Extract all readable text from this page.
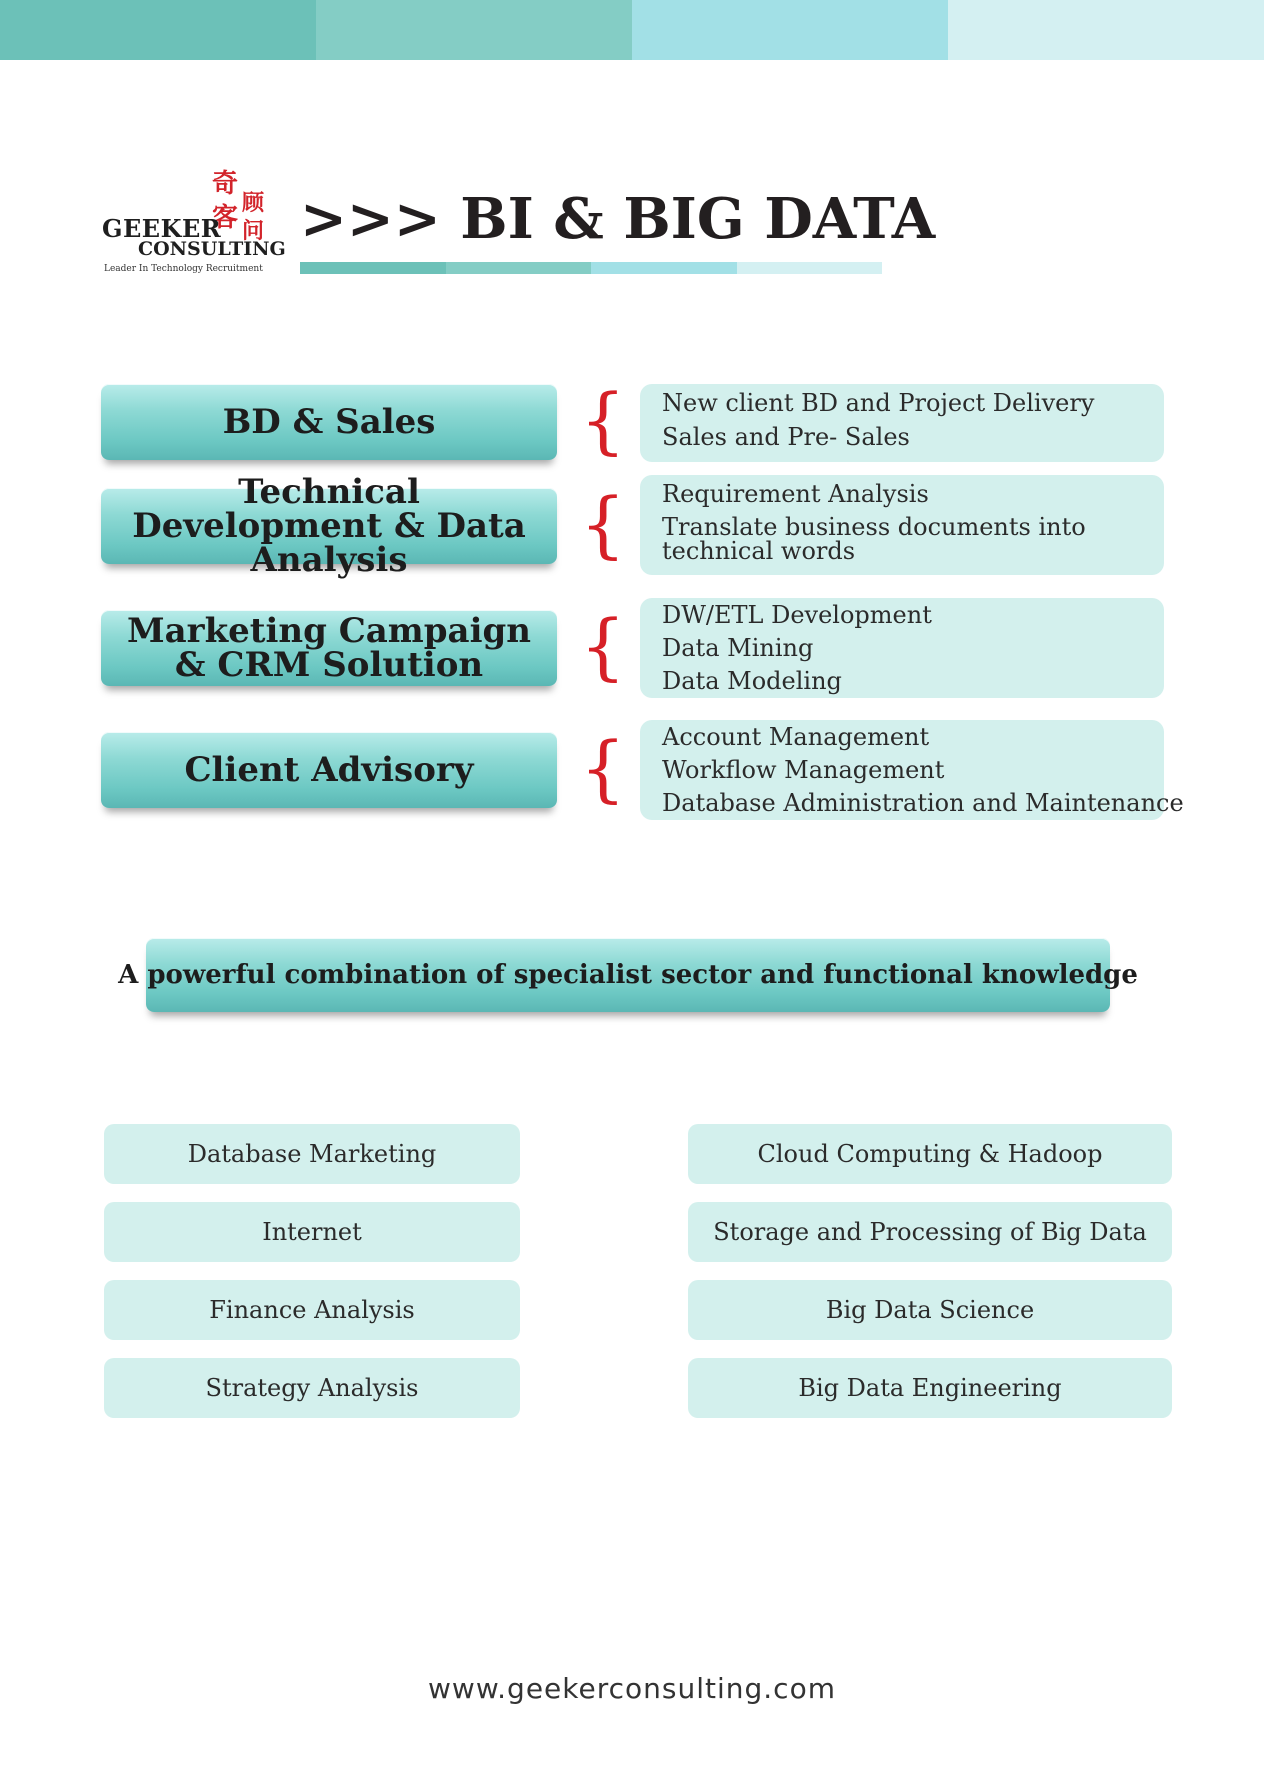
奇
顾
客 问
GEEKER
CONSULTING
Leader In Technology Recruitment
>>> BI & BIG DATA
BD & Sales	{ New client BD and Project Delivery
Sales and Pre- Sales
Technical Development & Data Analysis	{ Requirement Analysis
Translate business documents into technical words
Marketing Campaign & CRM Solution	{ DW/ETL Development
Data Mining
Data Modeling
Client Advisory	{ Account Management
Workflow Management
Database Administration and Maintenance
A powerful combination of specialist sector and functional knowledge
Database Marketing
Internet
Finance Analysis
Strategy Analysis
Cloud Computing & Hadoop
Storage and Processing of Big Data
Big Data Science
Big Data Engineering
www.geekerconsulting.com
